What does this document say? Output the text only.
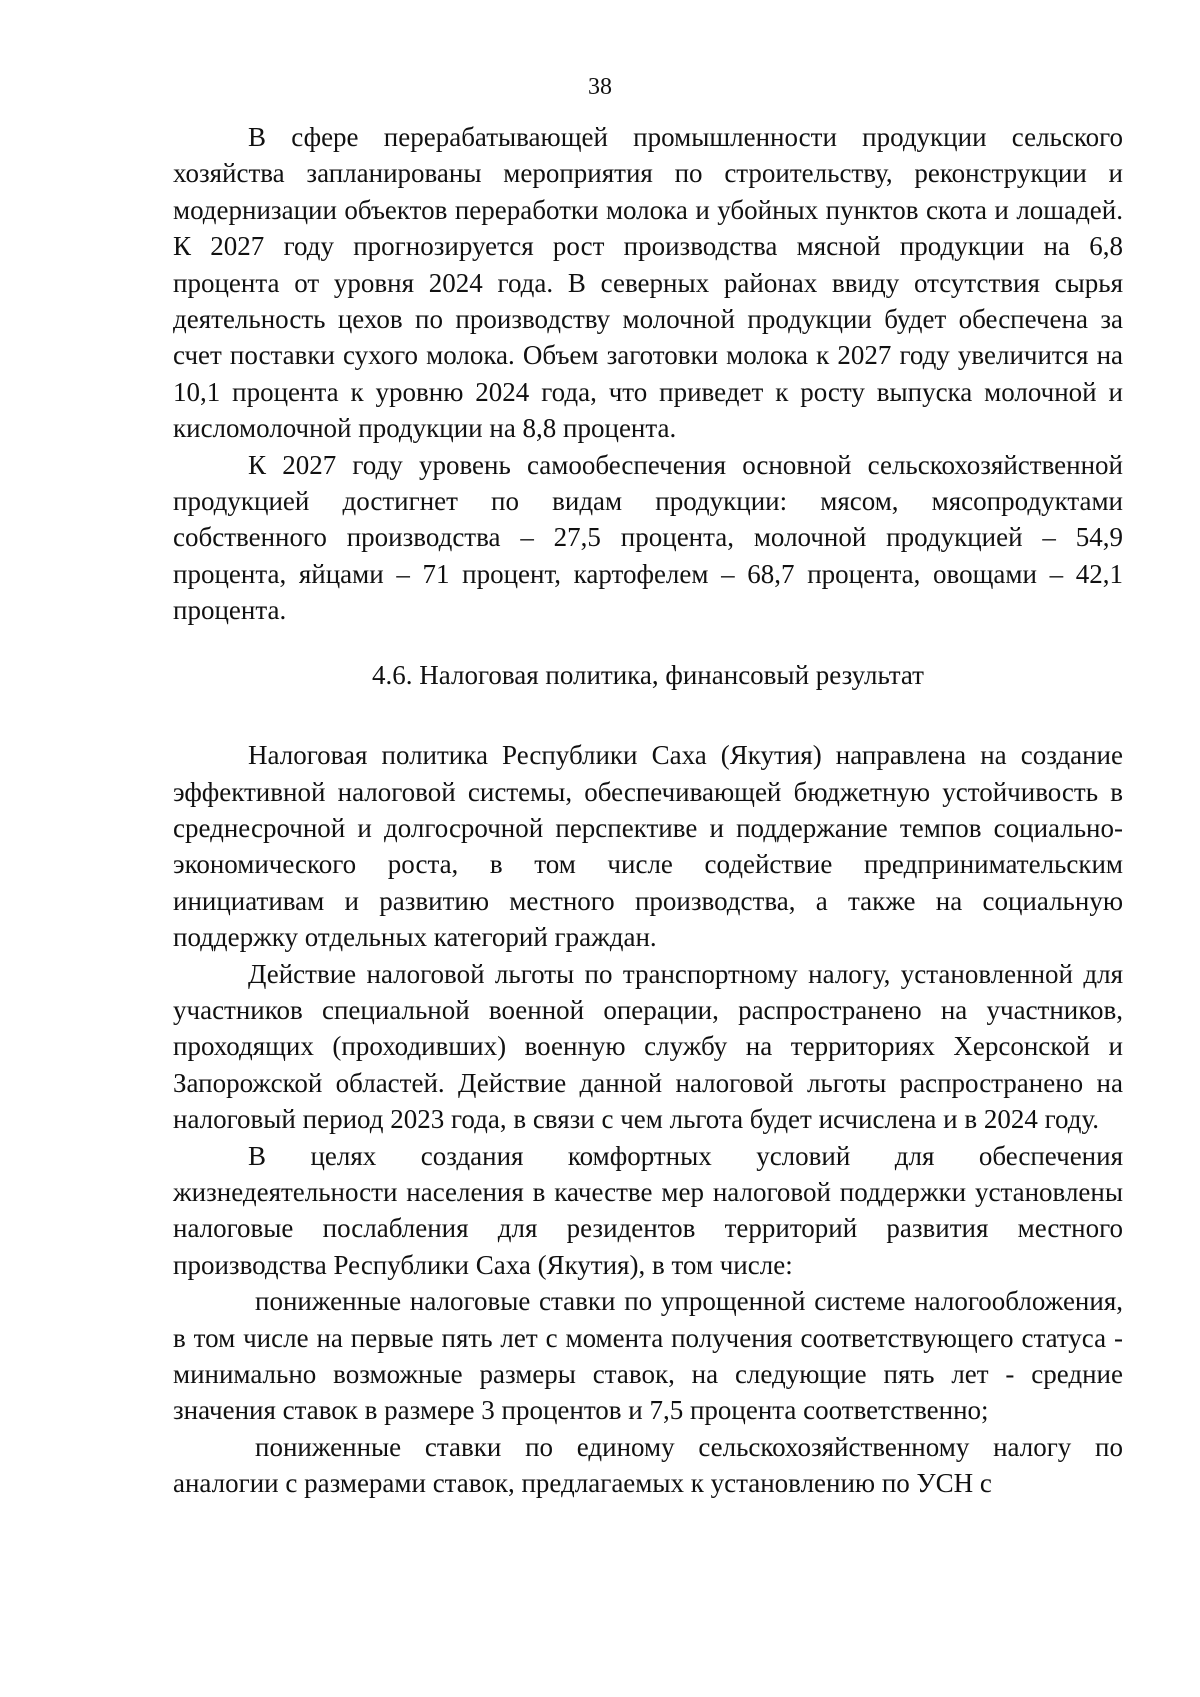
38

В сфере перерабатывающей промышленности продукции сельского хозяйства запланированы мероприятия по строительству, реконструкции и модернизации объектов переработки молока и убойных пунктов скота и лошадей. К 2027 году прогнозируется рост производства мясной продукции на 6,8 процента от уровня 2024 года. В северных районах ввиду отсутствия сырья деятельность цехов по производству молочной продукции будет обеспечена за счет поставки сухого молока. Объем заготовки молока к 2027 году увеличится на 10,1 процента к уровню 2024 года, что приведет к росту выпуска молочной и кисломолочной продукции на 8,8 процента.

К 2027 году уровень самообеспечения основной сельскохозяйственной продукцией достигнет по видам продукции: мясом, мясопродуктами собственного производства – 27,5 процента, молочной продукцией – 54,9 процента, яйцами – 71 процент, картофелем – 68,7 процента, овощами – 42,1 процента.

4.6. Налоговая политика, финансовый результат

Налоговая политика Республики Саха (Якутия) направлена на создание эффективной налоговой системы, обеспечивающей бюджетную устойчивость в среднесрочной и долгосрочной перспективе и поддержание темпов социально-экономического роста, в том числе содействие предпринимательским инициативам и развитию местного производства, а также на социальную поддержку отдельных категорий граждан.

Действие налоговой льготы по транспортному налогу, установленной для участников специальной военной операции, распространено на участников, проходящих (проходивших) военную службу на территориях Херсонской и Запорожской областей. Действие данной налоговой льготы распространено на налоговый период 2023 года, в связи с чем льгота будет исчислена и в 2024 году.

В целях создания комфортных условий для обеспечения жизнедеятельности населения в качестве мер налоговой поддержки установлены налоговые послабления для резидентов территорий развития местного производства Республики Саха (Якутия), в том числе:

пониженные налоговые ставки по упрощенной системе налогообложения, в том числе на первые пять лет с момента получения соответствующего статуса - минимально возможные размеры ставок, на следующие пять лет - средние значения ставок в размере 3 процентов и 7,5 процента соответственно;

пониженные ставки по единому сельскохозяйственному налогу по аналогии с размерами ставок, предлагаемых к установлению по УСН с
